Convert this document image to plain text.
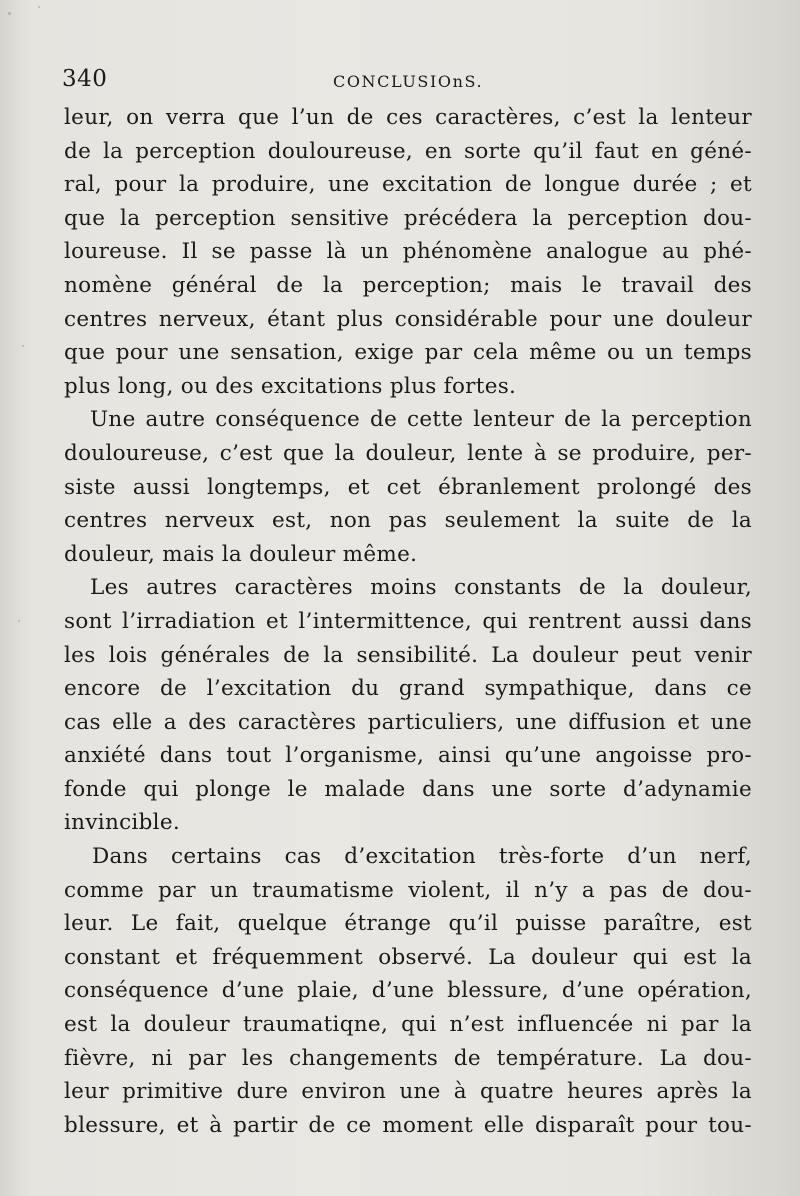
340	CONCLUSIOnS.
leur, on verra que l’un de ces caractères, c’est la lenteur
de la perception douloureuse, en sorte qu’il faut en géné-
ral, pour la produire, une excitation de longue durée ; et
que la perception sensitive précédera la perception dou-
loureuse. Il se passe là un phénomène analogue au phé-
nomène général de la perception; mais le travail des
centres nerveux, étant plus considérable pour une douleur
que pour une sensation, exige par cela même ou un temps
plus long, ou des excitations plus fortes.
Une autre conséquence de cette lenteur de la perception
douloureuse, c’est que la douleur, lente à se produire, per-
siste aussi longtemps, et cet ébranlement prolongé des
centres nerveux est, non pas seulement la suite de la
douleur, mais la douleur même.
Les autres caractères moins constants de la douleur,
sont l’irradiation et l’intermittence, qui rentrent aussi dans
les lois générales de la sensibilité. La douleur peut venir
encore de l’excitation du grand sympathique, dans ce
cas elle a des caractères particuliers, une diffusion et une
anxiété dans tout l’organisme, ainsi qu’une angoisse pro-
fonde qui plonge le malade dans une sorte d’adynamie
invincible.
Dans certains cas d’excitation très-forte d’un nerf,
comme par un traumatisme violent, il n’y a pas de dou-
leur. Le fait, quelque étrange qu’il puisse paraître, est
constant et fréquemment observé. La douleur qui est la
conséquence d’une plaie, d’une blessure, d’une opération,
est la douleur traumatiqne, qui n’est influencée ni par la
fièvre, ni par les changements de température. La dou-
leur primitive dure environ une à quatre heures après la
blessure, et à partir de ce moment elle disparaît pour tou-
